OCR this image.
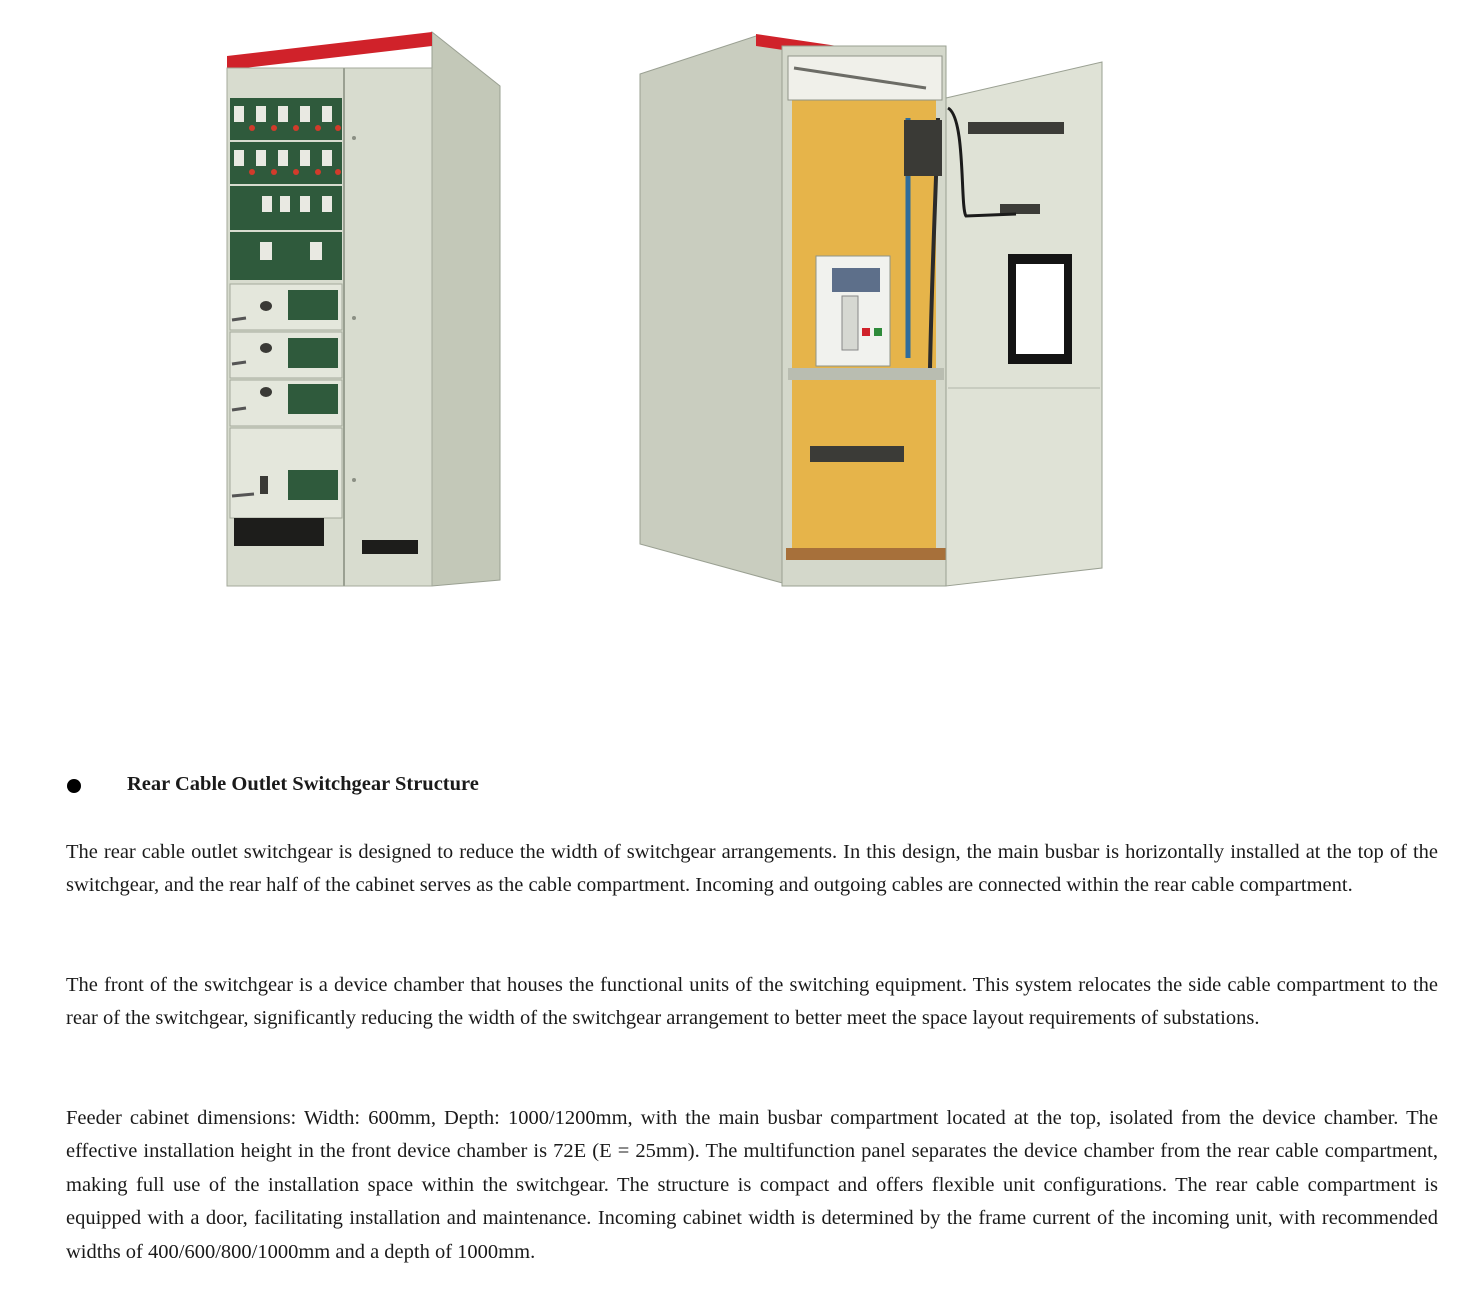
Rear Cable Outlet Switchgear Structure

The rear cable outlet switchgear is designed to reduce the width of switchgear arrangements. In this design, the main busbar is horizontally installed at the top of the switchgear, and the rear half of the cabinet serves as the cable compartment. Incoming and outgoing cables are connected within the rear cable compartment.

The front of the switchgear is a device chamber that houses the functional units of the switching equipment. This system relocates the side cable compartment to the rear of the switchgear, significantly reducing the width of the switchgear arrangement to better meet the space layout requirements of substations.

Feeder cabinet dimensions: Width: 600mm, Depth: 1000/1200mm, with the main busbar compartment located at the top, isolated from the device chamber. The effective installation height in the front device chamber is 72E (E = 25mm). The multifunction panel separates the device chamber from the rear cable compartment, making full use of the installation space within the switchgear. The structure is compact and offers flexible unit configurations. The rear cable compartment is equipped with a door, facilitating installation and maintenance. Incoming cabinet width is determined by the frame current of the incoming unit, with recommended widths of 400/600/800/1000mm and a depth of 1000mm.
